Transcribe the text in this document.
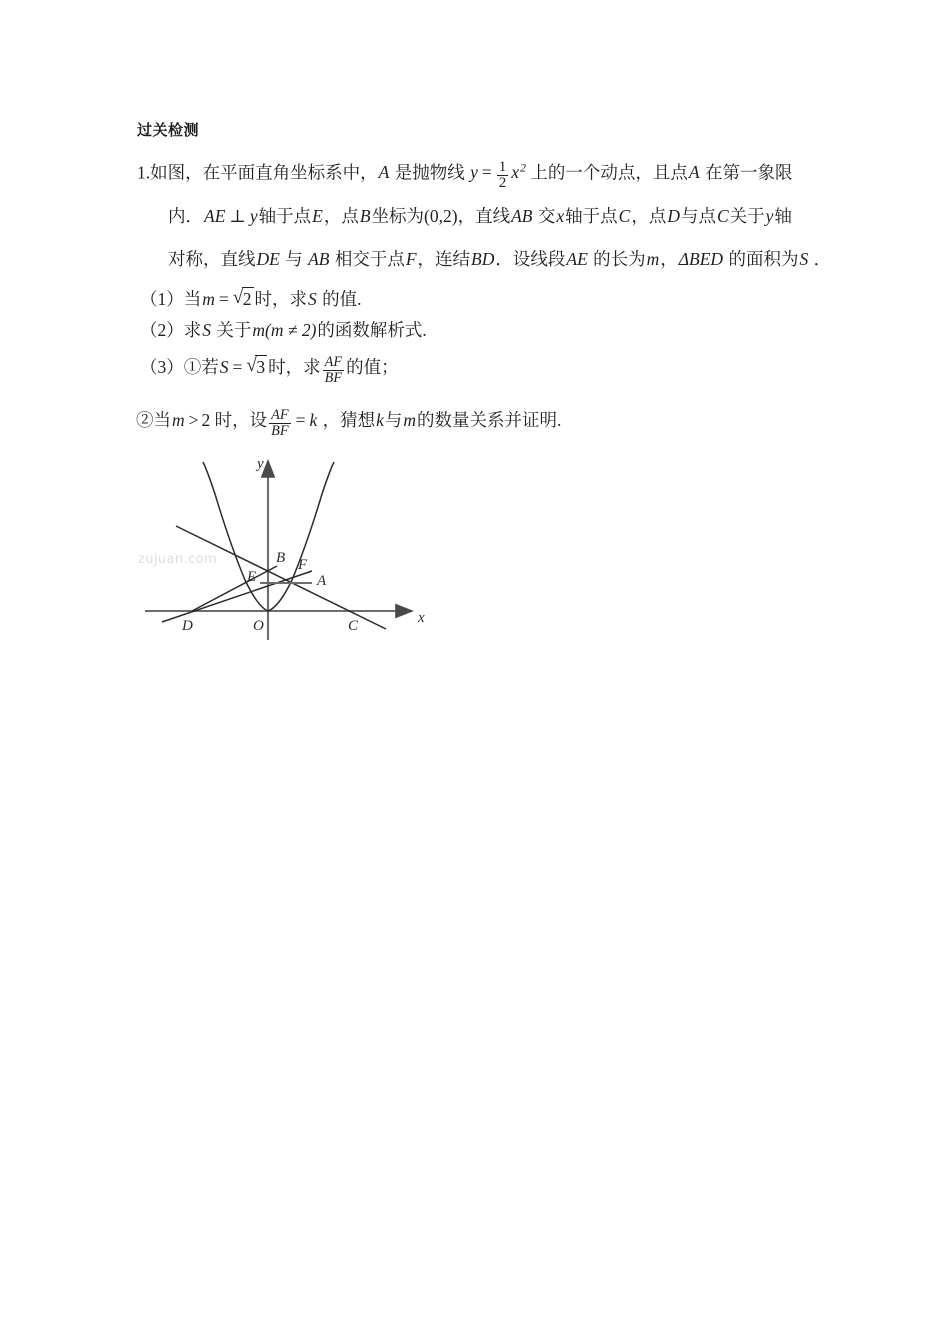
过关检测
1.如图，在平面直角坐标系中，A 是抛物线 $y = \frac{1}{2} x^2$ 上的一个动点，且点A 在第一象限
内．AE ⊥ y轴于点E，点B坐标为(0,2)，直线AB 交x轴于点C，点D与点C关于y轴
对称，直线DE 与 AB 相交于点F，连结BD．设线段AE 的长为m，ΔBED 的面积为S ．
（1）当m = √ 2 时，求S 的值.
（2）求S 关于m(m ≠ 2)的函数解析式.
（3）①若S = √ 3 时，求 $\frac{AF}{BF}$ 的值；
②当m > 2 时，设 $\frac{AF}{BF} = k$ ，猜想k与m的数量关系并证明.
x
y
D	O	C
B F
E	A
zujuan.com
